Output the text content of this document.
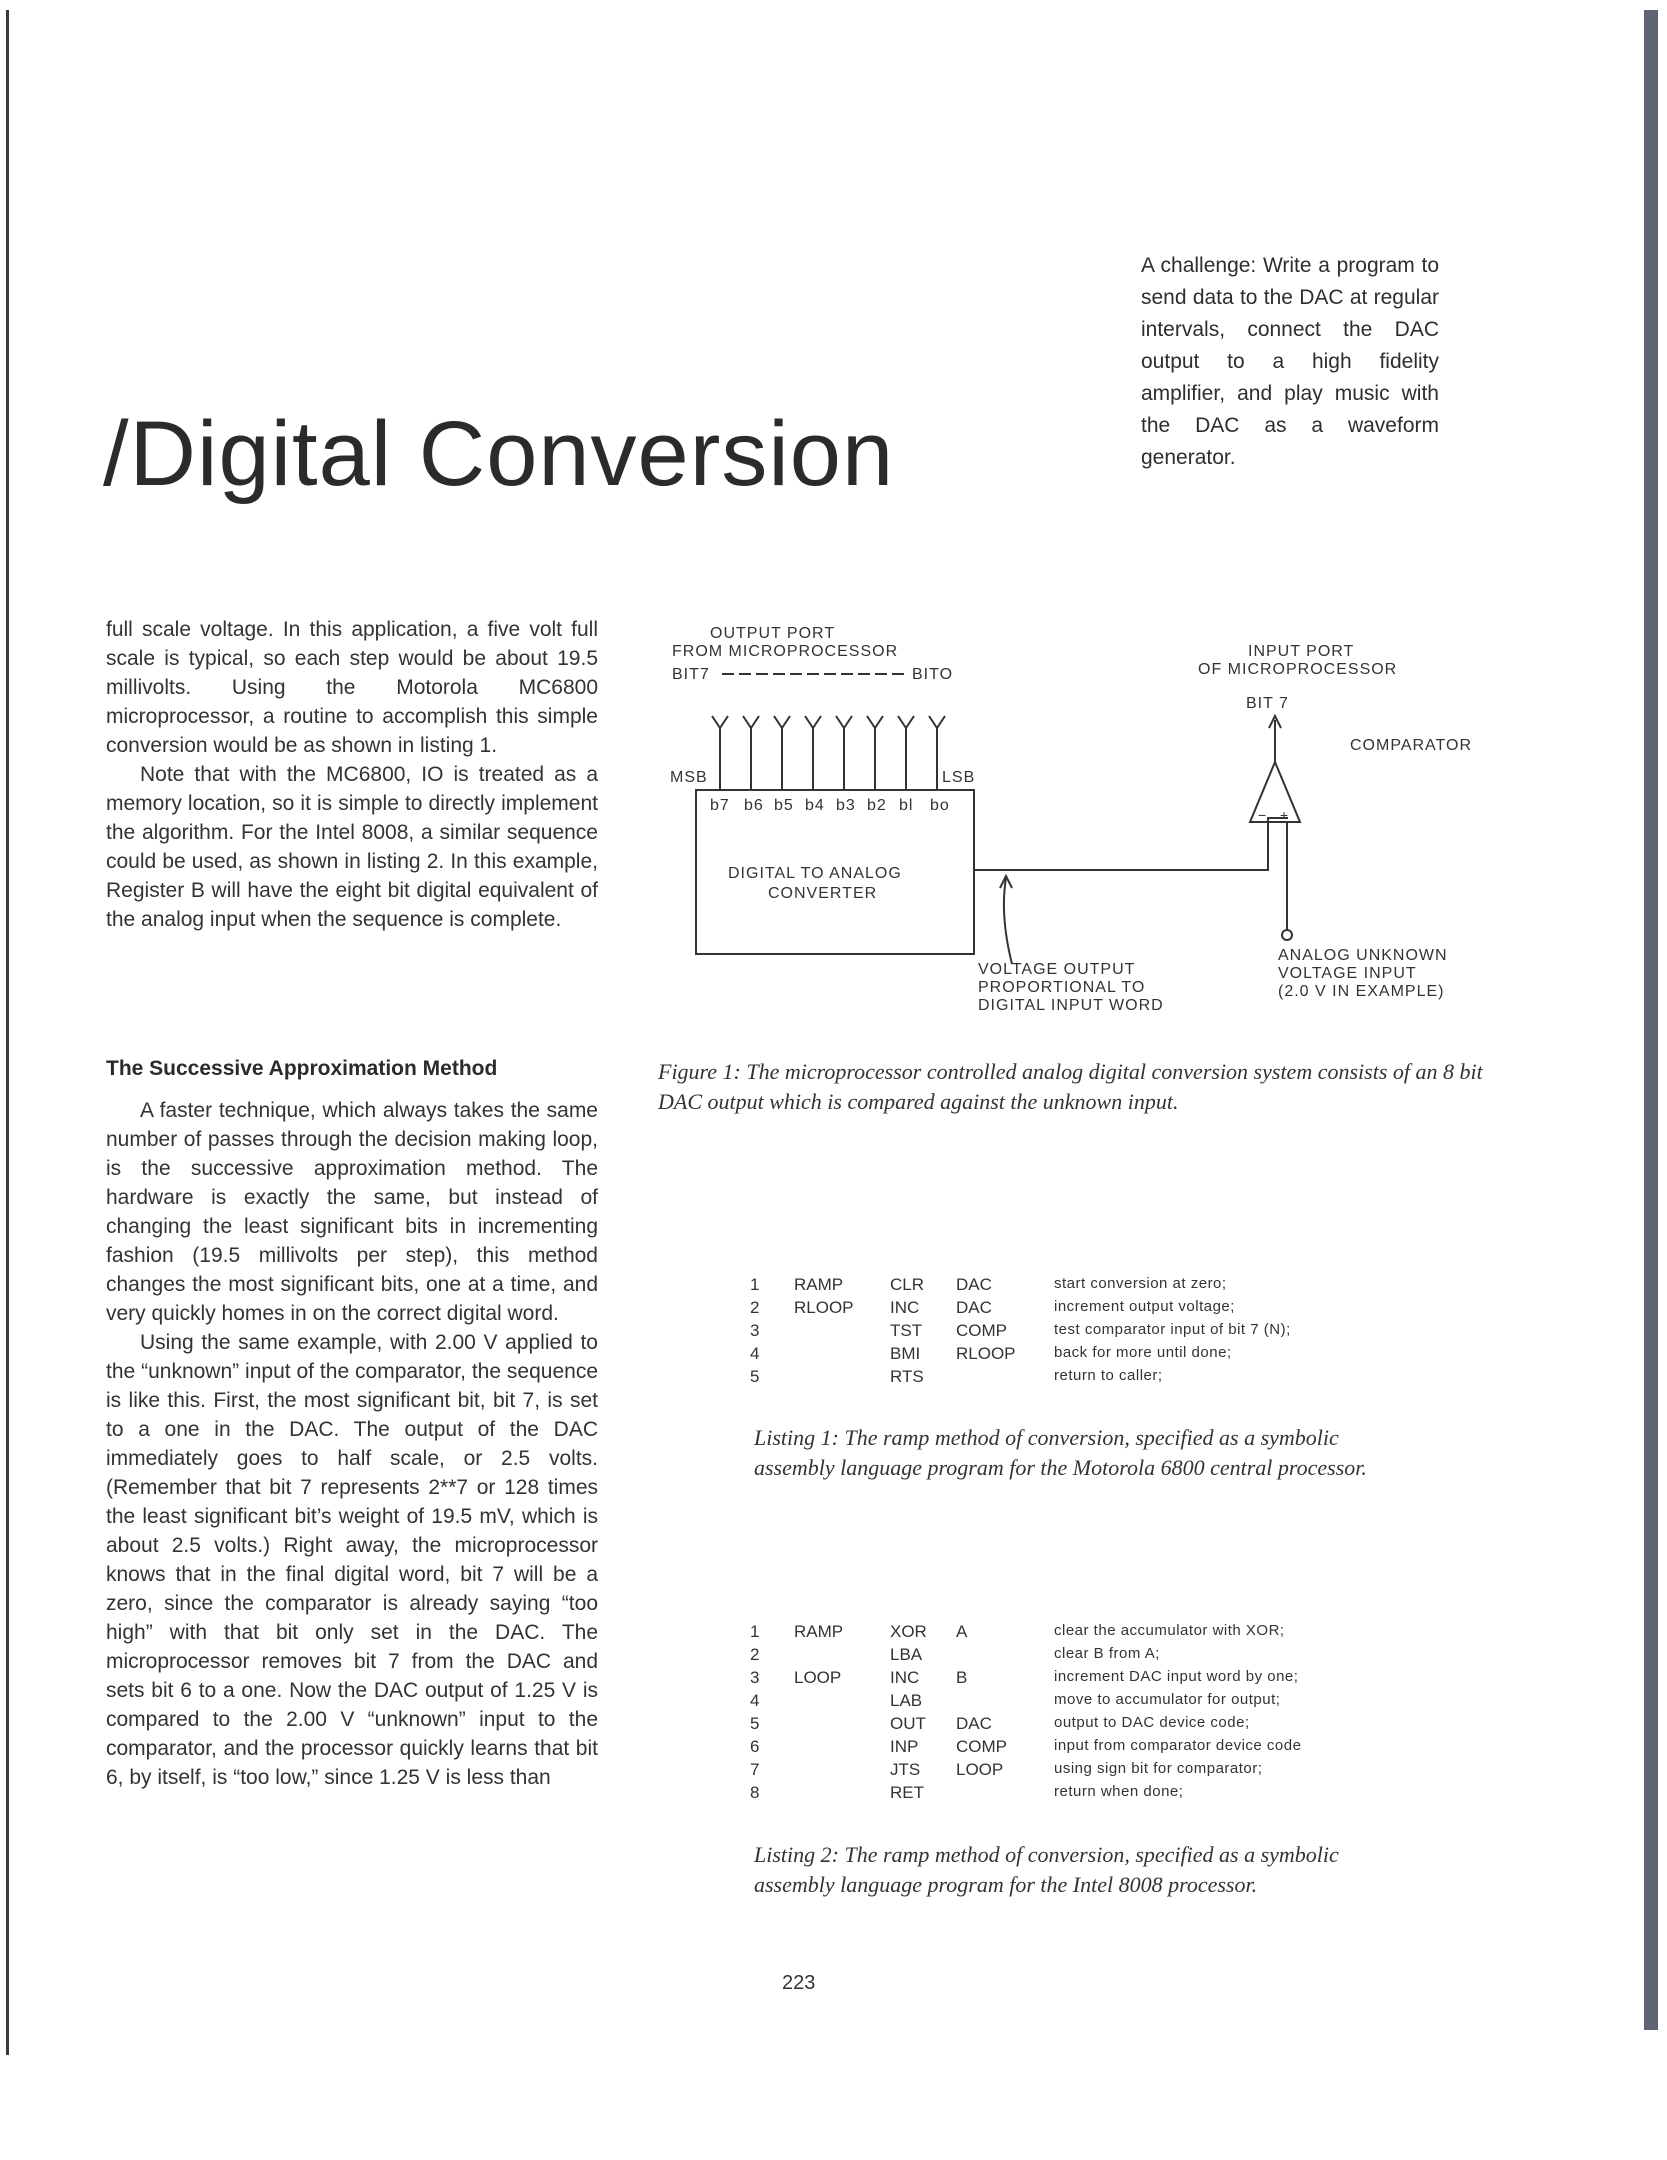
/Digital Conversion
A challenge: Write a program to send data to the DAC at regular intervals, connect the DAC output to a high fidelity amplifier, and play music with the DAC as a waveform generator.

full scale voltage. In this application, a five volt full scale is typical, so each step would be about 19.5 millivolts. Using the Motorola MC6800 microprocessor, a routine to accomplish this simple conversion would be as shown in listing 1.

Note that with the MC6800, IO is treated as a memory location, so it is simple to directly implement the algorithm. For the Intel 8008, a similar sequence could be used, as shown in listing 2. In this example, Register B will have the eight bit digital equivalent of the analog input when the sequence is complete.

The Successive Approximation Method

A faster technique, which always takes the same number of passes through the decision making loop, is the successive approximation method. The hardware is exactly the same, but instead of changing the least significant bits in incrementing fashion (19.5 millivolts per step), this method changes the most significant bits, one at a time, and very quickly homes in on the correct digital word.

Using the same example, with 2.00 V applied to the “unknown” input of the comparator, the sequence is like this. First, the most significant bit, bit 7, is set to a one in the DAC. The output of the DAC immediately goes to half scale, or 2.5 volts. (Remember that bit 7 represents 2**7 or 128 times the least significant bit’s weight of 19.5 mV, which is about 2.5 volts.) Right away, the microprocessor knows that in the final digital word, bit 7 will be a zero, since the comparator is already saying “too high” with that bit only set in the DAC. The microprocessor removes bit 7 from the DAC and sets bit 6 to a one. Now the DAC output of 1.25 V is compared to the 2.00 V “unknown” input to the comparator, and the processor quickly learns that bit 6, by itself, is “too low,” since 1.25 V is less than

OUTPUT PORT
FROM MICROPROCESSOR
BIT7	BITO
INPUT PORT
OF MICROPROCESSOR
BIT 7
COMPARATOR
MSB	LSB
b7 b6 b5 b4 b3 b2 bl bo
DIGITAL TO ANALOG
CONVERTER
− +
VOLTAGE OUTPUT
PROPORTIONAL TO
DIGITAL INPUT WORD
ANALOG UNKNOWN
VOLTAGE INPUT
(2.0 V IN EXAMPLE)

Figure 1: The microprocessor controlled analog digital conversion system consists of an 8 bit DAC output which is compared against the unknown input.

1	RAMP	CLR	DAC	start conversion at zero;
2	RLOOP	INC	DAC	increment output voltage;
3		TST	COMP	test comparator input of bit 7 (N);
4		BMI	RLOOP	back for more until done;
5		RTS		return to caller;

Listing 1: The ramp method of conversion, specified as a symbolic assembly language program for the Motorola 6800 central processor.

1	RAMP	XOR	A	clear the accumulator with XOR;
2		LBA		clear B from A;
3	LOOP	INC	B	increment DAC input word by one;
4		LAB		move to accumulator for output;
5		OUT	DAC	output to DAC device code;
6		INP	COMP	input from comparator device code
7		JTS	LOOP	using sign bit for comparator;
8		RET		return when done;

Listing 2: The ramp method of conversion, specified as a symbolic assembly language program for the Intel 8008 processor.

223
